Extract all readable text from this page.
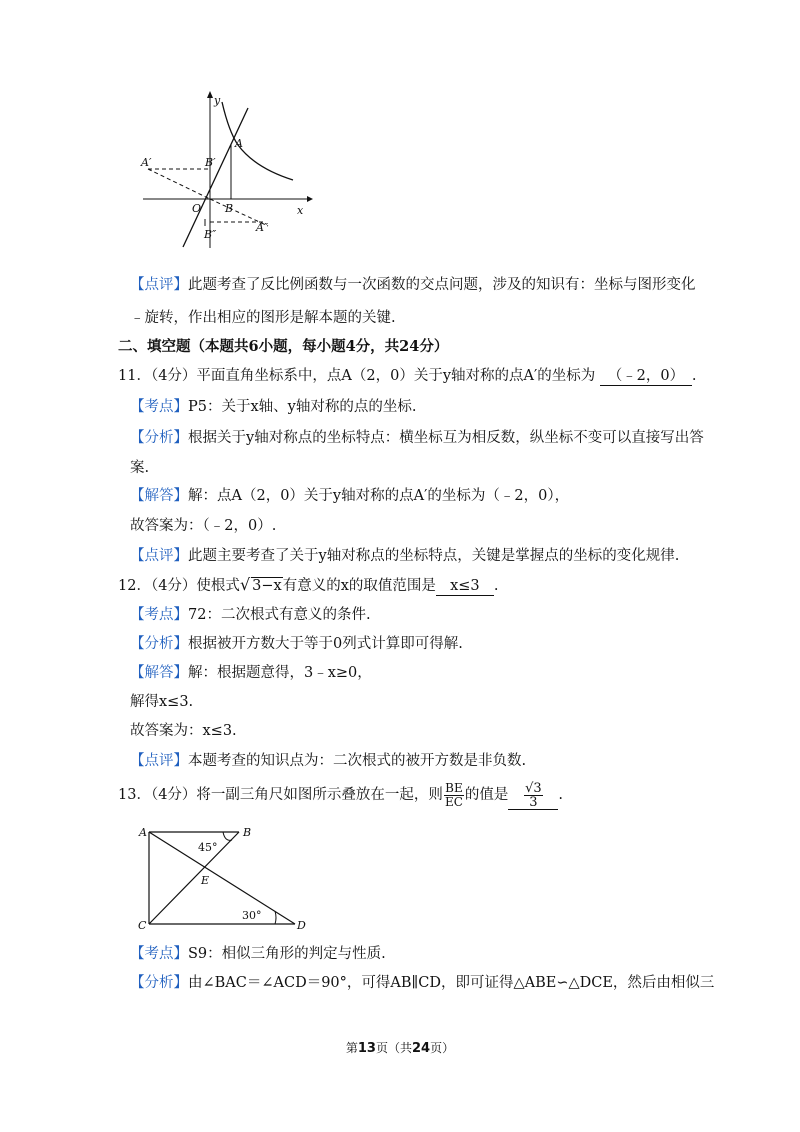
y
x
O
A
B′
A′
B
B″
A″
【点评】此题考查了反比例函数与一次函数的交点问题，涉及的知识有：坐标与图形变化
﹣旋转，作出相应的图形是解本题的关键.
二、填空题（本题共6小题，每小题4分，共24分）
11．（4分）平面直角坐标系中，点A（2，0）关于y轴对称的点A′的坐标为 （﹣2，0） .
【考点】P5：关于x轴、y轴对称的点的坐标.
【分析】根据关于y轴对称点的坐标特点：横坐标互为相反数，纵坐标不变可以直接写出答
案.
【解答】解：点A（2，0）关于y轴对称的点A′的坐标为（﹣2，0），
故答案为：（﹣2，0）.
【点评】此题主要考查了关于y轴对称点的坐标特点，关键是掌握点的坐标的变化规律.
12．（4分）使根式√ 3−x有意义的x的取值范围是 x≤3 .
【考点】72：二次根式有意义的条件.
【分析】根据被开方数大于等于0列式计算即可得解.
【解答】解：根据题意得，3﹣x≥0，
解得x≤3.
故答案为：x≤3.
【点评】本题考查的知识点为：二次根式的被开方数是非负数.
13．（4分）将一副三角尺如图所示叠放在一起，则 $\frac{BE}{EC}$ 的值是 $\frac{√3}{3}$ .
A	B
E
C	D
45°
30°
【考点】S9：相似三角形的判定与性质.
【分析】由∠BAC＝∠ACD＝90°，可得AB∥CD，即可证得△ABE∽△DCE，然后由相似三
第13页（共24页）
